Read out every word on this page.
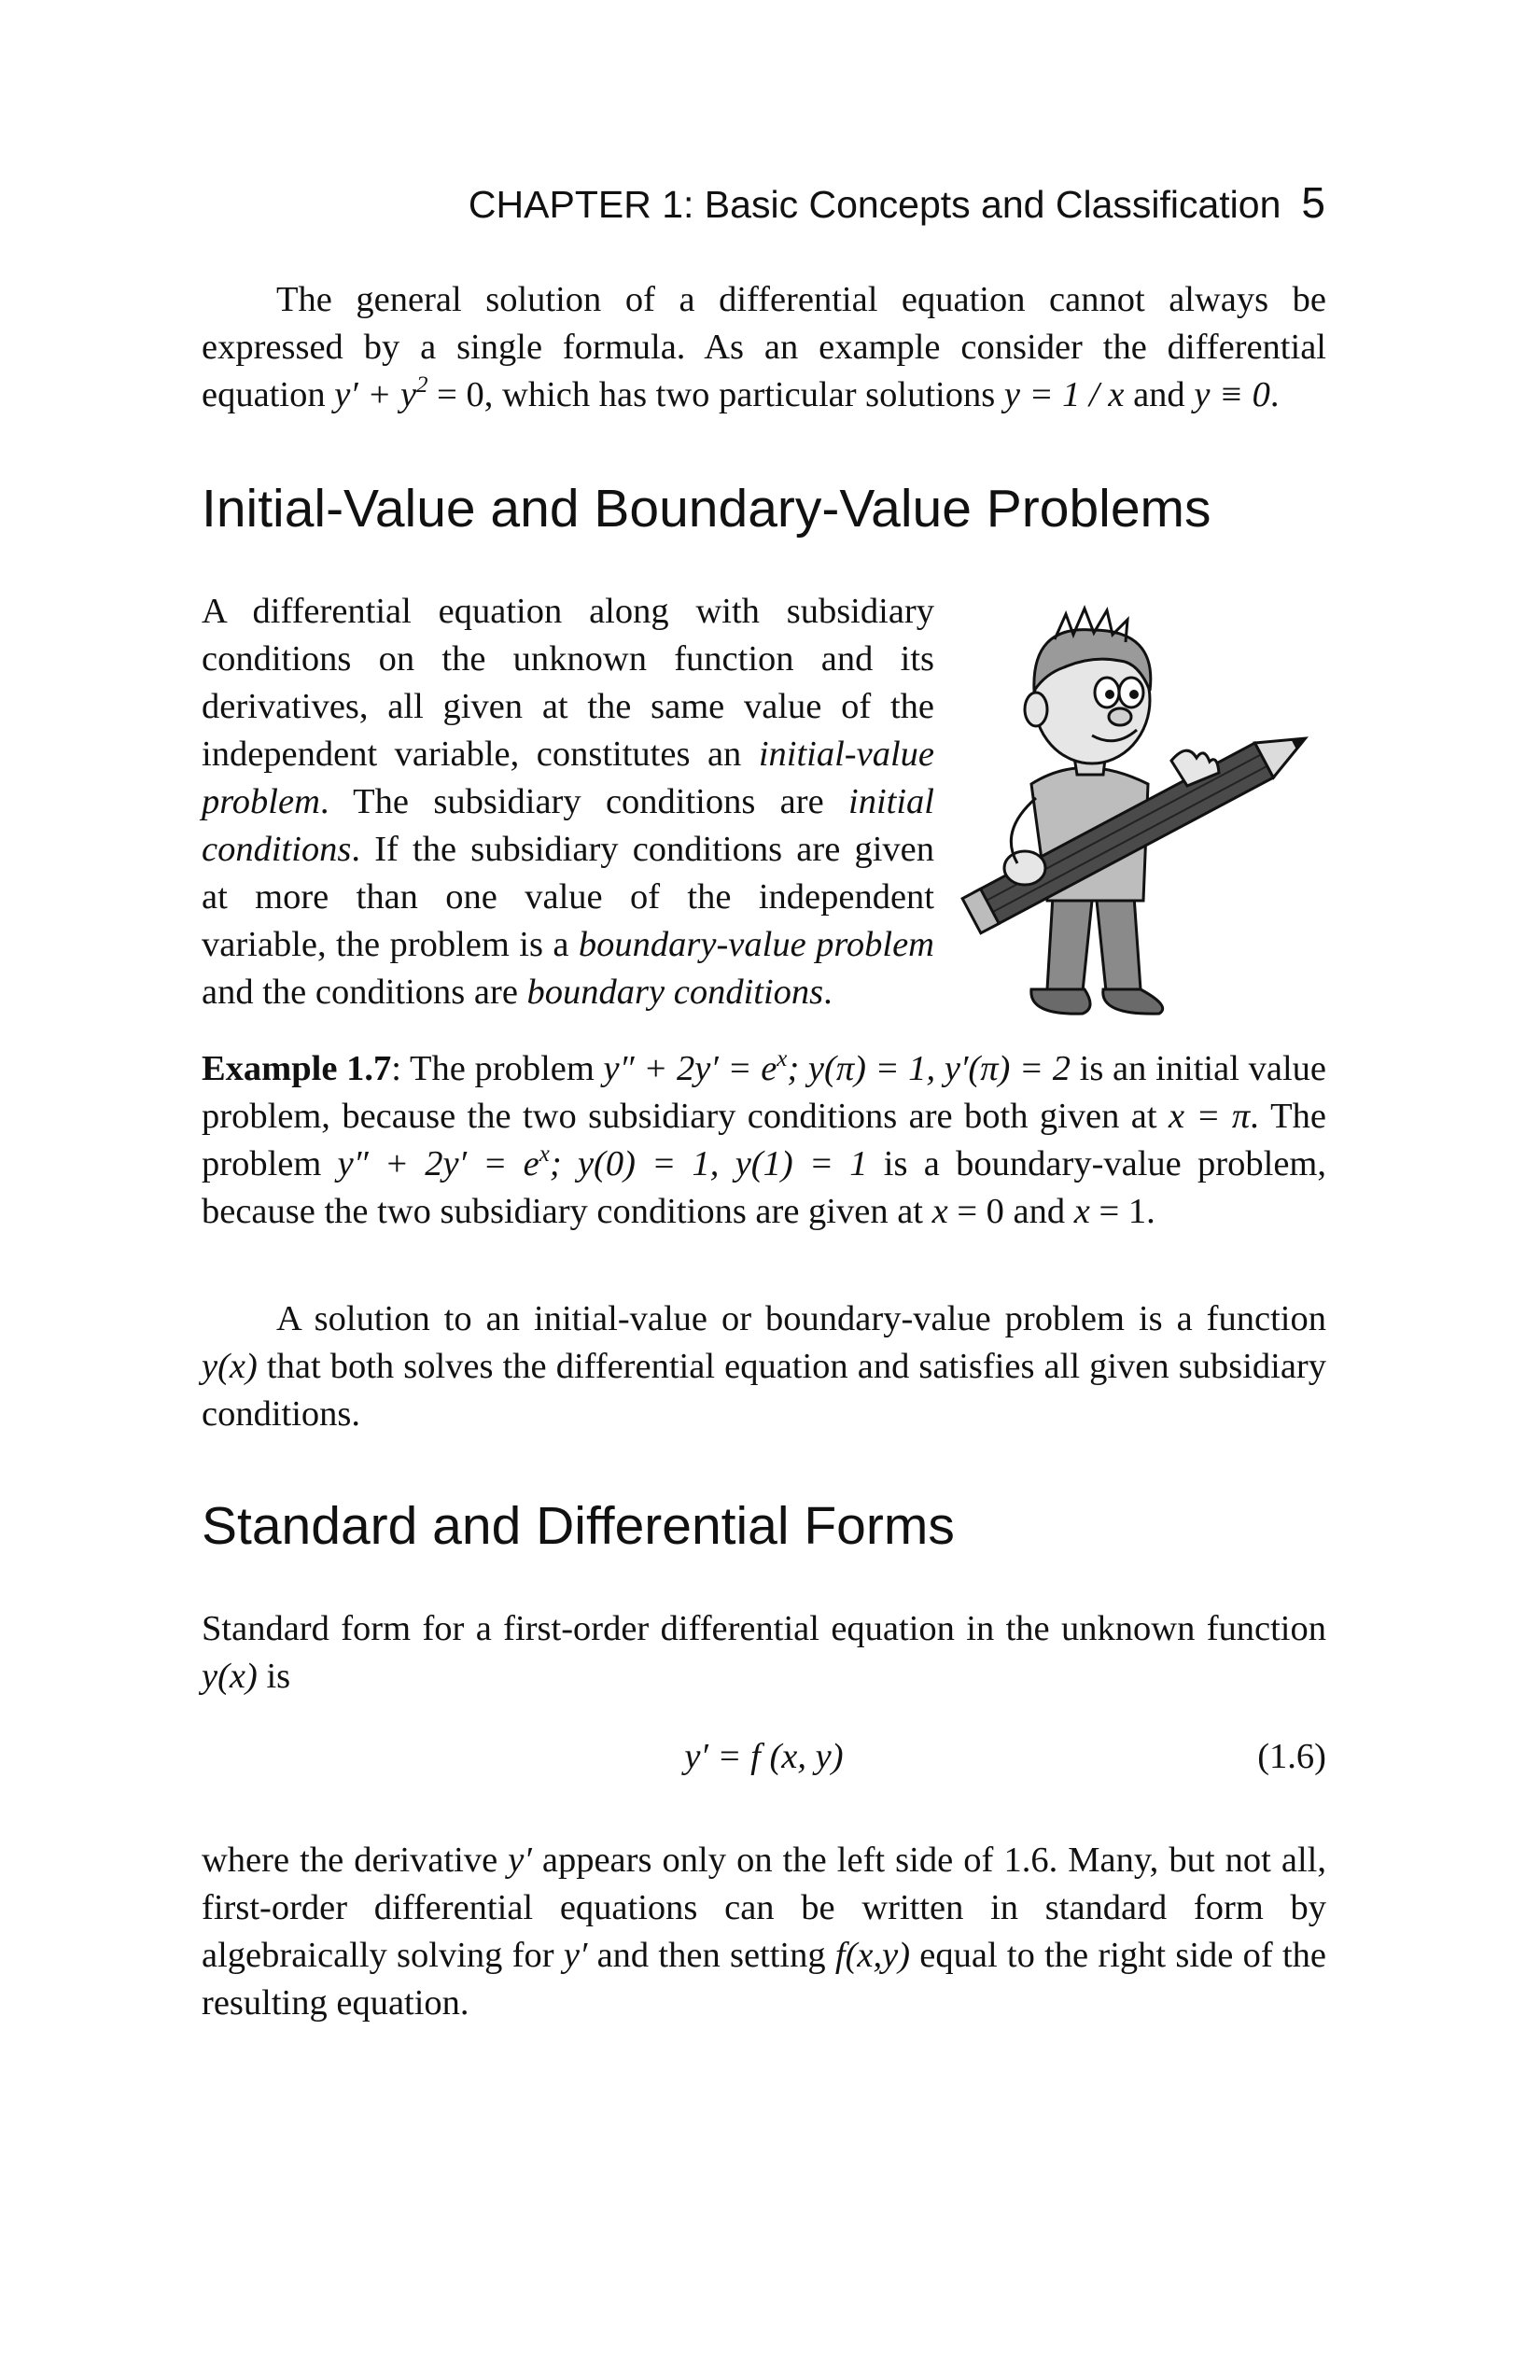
CHAPTER 1: Basic Concepts and Classification 5

The general solution of a differential equation cannot always be expressed by a single formula. As an example consider the differential equation $y' + y^2 = 0$, which has two particular solutions y = 1 / x and y ≡ 0.

Initial-Value and Boundary-Value Problems

A differential equation along with subsidiary conditions on the unknown function and its derivatives, all given at the same value of the independent variable, constitutes an initial-value problem. The subsidiary conditions are initial conditions. If the subsidiary conditions are given at more than one value of the independent variable, the problem is a boundary-value problem and the conditions are boundary conditions.

Example 1.7: The problem $y'' + 2y' = e^x$; y(π) = 1, y′(π) = 2 is an initial value problem, because the two subsidiary conditions are both given at x = π. The problem $y'' + 2y' = e^x$; y(0) = 1, y(1) = 1 is a boundary-value problem, because the two subsidiary conditions are given at x = 0 and x = 1.

A solution to an initial-value or boundary-value problem is a function y(x) that both solves the differential equation and satisfies all given subsidiary conditions.

Standard and Differential Forms

Standard form for a first-order differential equation in the unknown function y(x) is

y′ = f (x, y)	(1.6)

where the derivative y′ appears only on the left side of 1.6. Many, but not all, first-order differential equations can be written in standard form by algebraically solving for y′ and then setting f(x,y) equal to the right side of the resulting equation.
